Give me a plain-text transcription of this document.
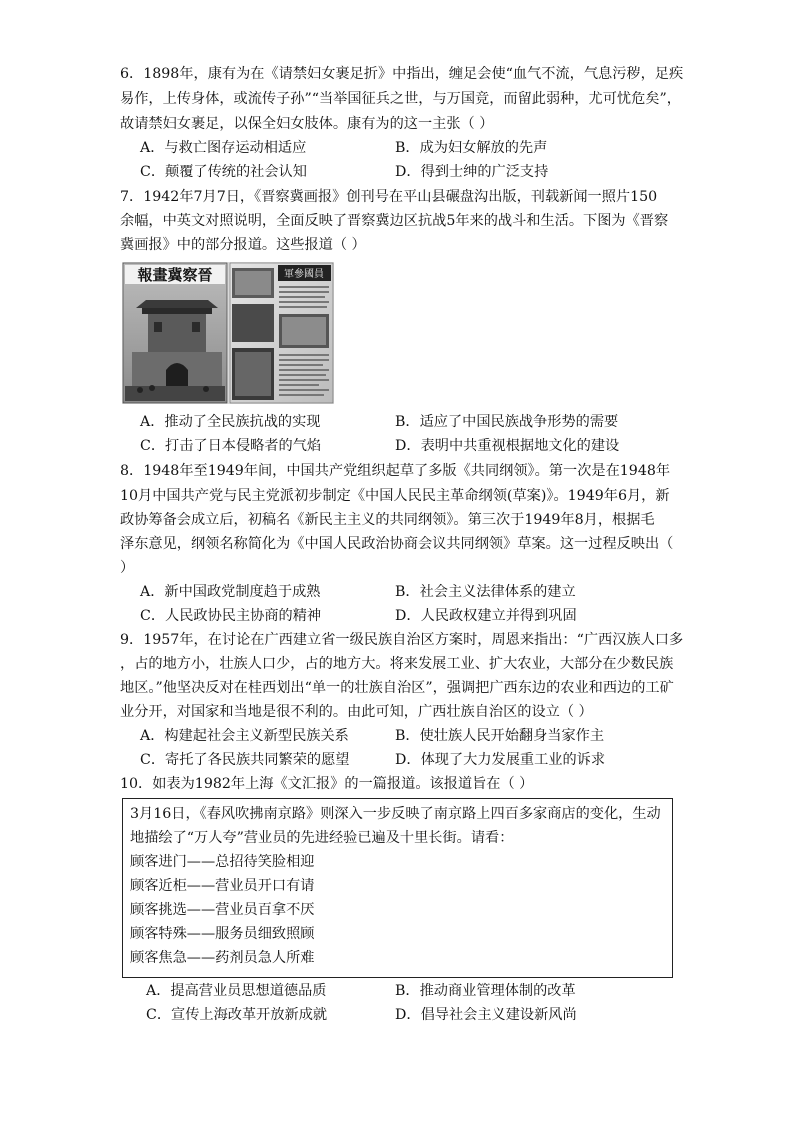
6．1898年，康有为在《请禁妇女裹足折》中指出，缠足会使“血气不流，气息污秽，足疾
易作，上传身体，或流传子孙”“当举国征兵之世，与万国竞，而留此弱种，尤可忧危矣”，
故请禁妇女裹足，以保全妇女肢体。康有为的这一主张（ ）
A．与救亡图存运动相适应	B．成为妇女解放的先声
C．颠覆了传统的社会认知	D．得到士绅的广泛支持
7．1942年7月7日，《晋察冀画报》创刊号在平山县碾盘沟出版，刊载新闻一照片150
余幅，中英文对照说明，全面反映了晋察冀边区抗战5年来的战斗和生活。下图为《晋察
冀画报》中的部分报道。这些报道（ ）
報畫冀察晉	軍參國員
A．推动了全民族抗战的实现	B．适应了中国民族战争形势的需要
C．打击了日本侵略者的气焰	D．表明中共重视根据地文化的建设
8．1948年至1949年间，中国共产党组织起草了多版《共同纲领》。第一次是在1948年
10月中国共产党与民主党派初步制定《中国人民民主革命纲领(草案)》。1949年6月，新
政协筹备会成立后，初稿名《新民主主义的共同纲领》。第三次于1949年8月，根据毛
泽东意见，纲领名称简化为《中国人民政治协商会议共同纲领》草案。这一过程反映出（
）
A．新中国政党制度趋于成熟	B．社会主义法律体系的建立
C．人民政协民主协商的精神	D．人民政权建立并得到巩固
9．1957年，在讨论在广西建立省一级民族自治区方案时，周恩来指出：“广西汉族人口多
，占的地方小，壮族人口少，占的地方大。将来发展工业、扩大农业，大部分在少数民族
地区。”他坚决反对在桂西划出“单一的壮族自治区”，强调把广西东边的农业和西边的工矿
业分开，对国家和当地是很不利的。由此可知，广西壮族自治区的设立（ ）
A．构建起社会主义新型民族关系	B．使壮族人民开始翻身当家作主
C．寄托了各民族共同繁荣的愿望	D．体现了大力发展重工业的诉求
10．如表为1982年上海《文汇报》的一篇报道。该报道旨在（ ）
3月16日，《春风吹拂南京路》则深入一步反映了南京路上四百多家商店的变化，生动
地描绘了“万人夸”营业员的先进经验已遍及十里长街。请看：
顾客进门——总招待笑脸相迎
顾客近柜——营业员开口有请
顾客挑选——营业员百拿不厌
顾客特殊——服务员细致照顾
顾客焦急——药剂员急人所难
A．提高营业员思想道德品质	B．推动商业管理体制的改革
C．宣传上海改革开放新成就	D．倡导社会主义建设新风尚
